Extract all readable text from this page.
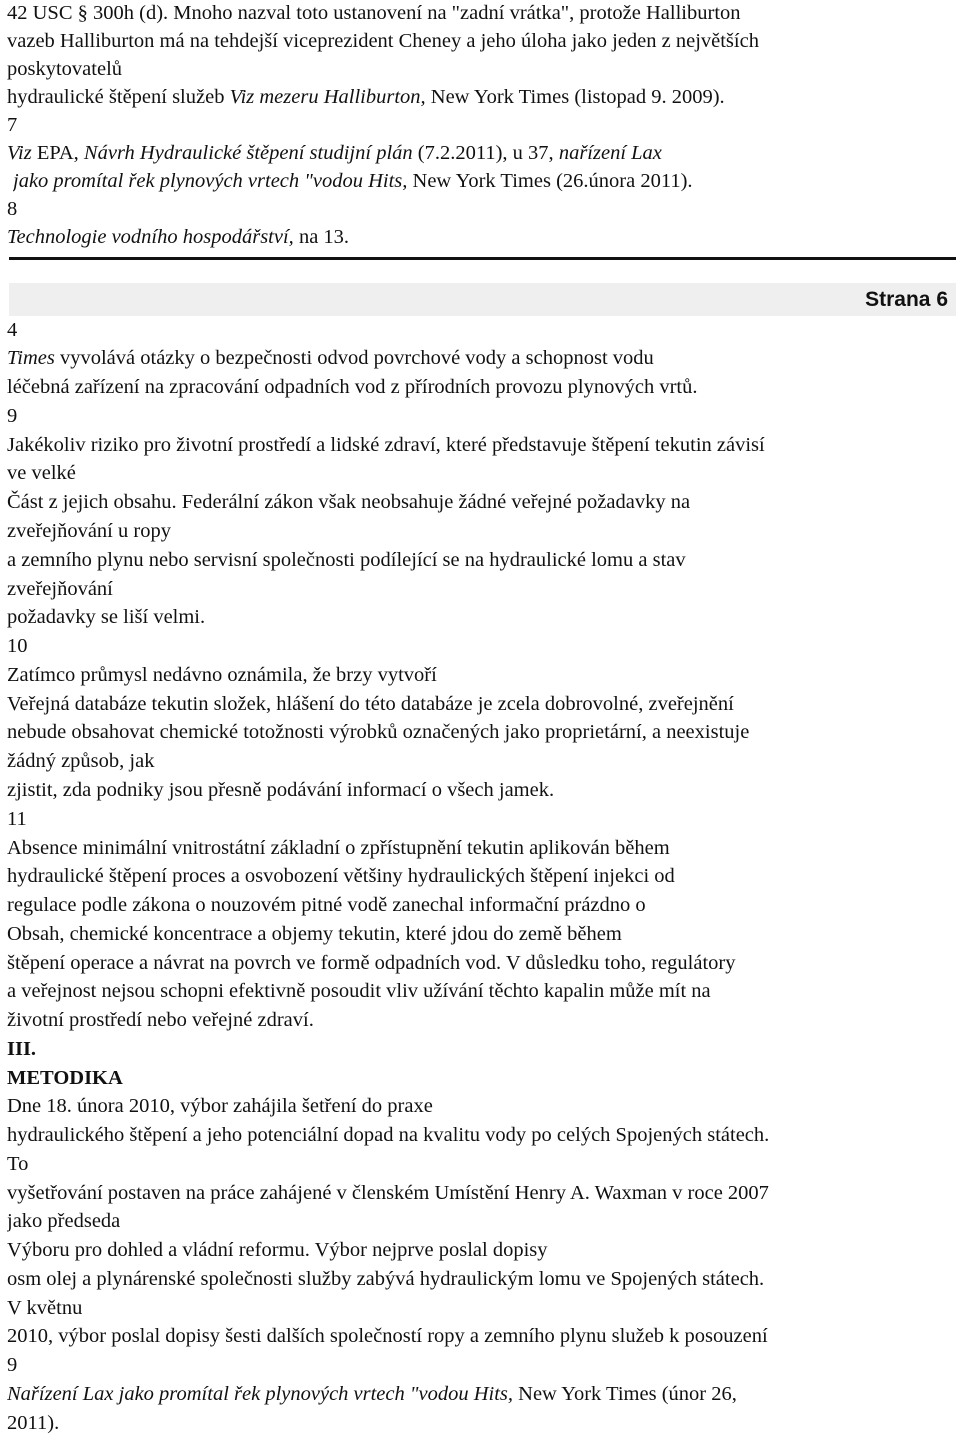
42 USC § 300h (d). Mnoho nazval toto ustanovení na "zadní vrátka", protože Halliburton
vazeb Halliburton má na tehdejší viceprezident Cheney a jeho úloha jako jeden z největších
poskytovatelů
hydraulické štěpení služeb Viz mezeru Halliburton, New York Times (listopad 9. 2009).
7
Viz EPA, Návrh Hydraulické štěpení studijní plán (7.2.2011), u 37, nařízení Lax
jako promítal řek plynových vrtech "vodou Hits, New York Times (26.února 2011).
8
Technologie vodního hospodářství, na 13.
Strana 6
4
Times vyvolává otázky o bezpečnosti odvod povrchové vody a schopnost vodu
léčebná zařízení na zpracování odpadních vod z přírodních provozu plynových vrtů.
9
Jakékoliv riziko pro životní prostředí a lidské zdraví, které představuje štěpení tekutin závisí
ve velké
Část z jejich obsahu. Federální zákon však neobsahuje žádné veřejné požadavky na
zveřejňování u ropy
a zemního plynu nebo servisní společnosti podílející se na hydraulické lomu a stav
zveřejňování
požadavky se liší velmi.
10
Zatímco průmysl nedávno oznámila, že brzy vytvoří
Veřejná databáze tekutin složek, hlášení do této databáze je zcela dobrovolné, zveřejnění
nebude obsahovat chemické totožnosti výrobků označených jako proprietární, a neexistuje
žádný způsob, jak
zjistit, zda podniky jsou přesně podávání informací o všech jamek.
11
Absence minimální vnitrostátní základní o zpřístupnění tekutin aplikován během
hydraulické štěpení proces a osvobození většiny hydraulických štěpení injekci od
regulace podle zákona o nouzovém pitné vodě zanechal informační prázdno o
Obsah, chemické koncentrace a objemy tekutin, které jdou do země během
štěpení operace a návrat na povrch ve formě odpadních vod. V důsledku toho, regulátory
a veřejnost nejsou schopni efektivně posoudit vliv užívání těchto kapalin může mít na
životní prostředí nebo veřejné zdraví.
III.
METODIKA
Dne 18. února 2010, výbor zahájila šetření do praxe
hydraulického štěpení a jeho potenciální dopad na kvalitu vody po celých Spojených státech.
To
vyšetřování postaven na práce zahájené v členském Umístění Henry A. Waxman v roce 2007
jako předseda
Výboru pro dohled a vládní reformu. Výbor nejprve poslal dopisy
osm olej a plynárenské společnosti služby zabývá hydraulickým lomu ve Spojených státech.
V květnu
2010, výbor poslal dopisy šesti dalších společností ropy a zemního plynu služeb k posouzení
9
Nařízení Lax jako promítal řek plynových vrtech "vodou Hits, New York Times (únor 26,
2011).
